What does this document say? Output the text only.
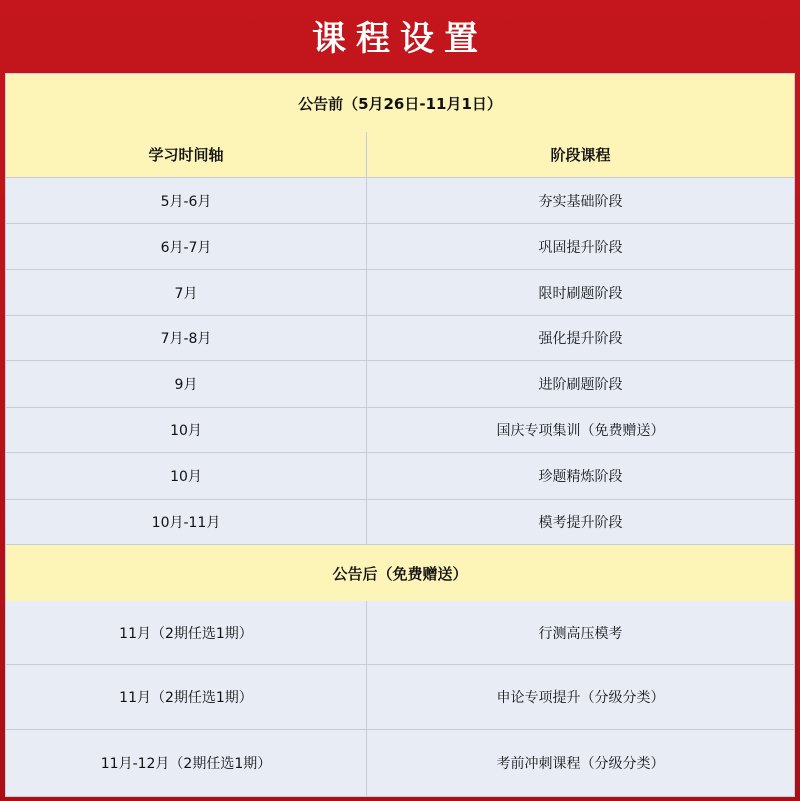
课程设置
公告前（5月26日-11月1日）
学习时间轴	阶段课程
5月-6月	夯实基础阶段
6月-7月	巩固提升阶段
7月	限时刷题阶段
7月-8月	强化提升阶段
9月	进阶刷题阶段
10月	国庆专项集训（免费赠送）
10月	珍题精炼阶段
10月-11月	模考提升阶段
公告后（免费赠送）
11月（2期任选1期）	行测高压模考
11月（2期任选1期）	申论专项提升（分级分类）
11月-12月（2期任选1期）	考前冲刺课程（分级分类）
